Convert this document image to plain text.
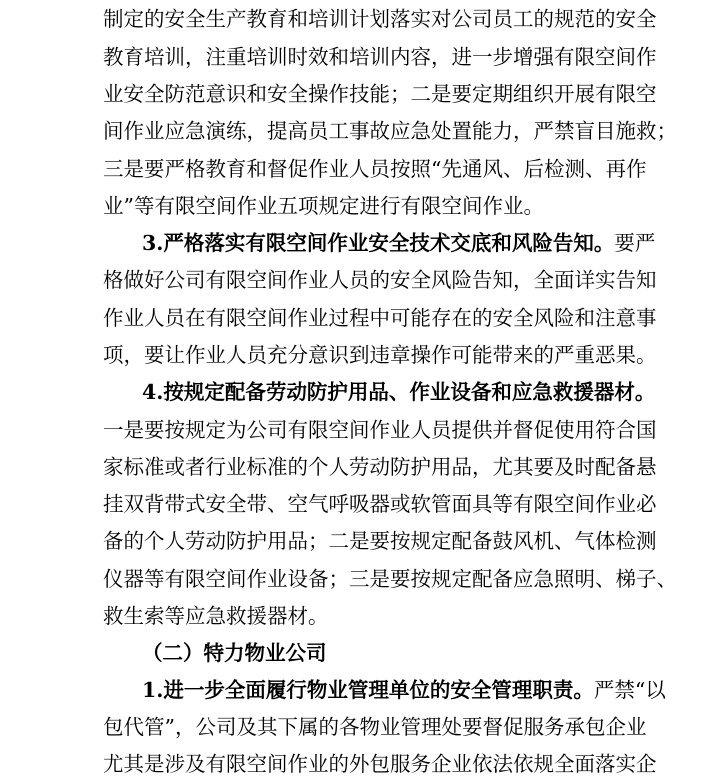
制定的安全生产教育和培训计划落实对公司员工的规范的安全
教育培训，注重培训时效和培训内容，进一步增强有限空间作
业安全防范意识和安全操作技能；二是要定期组织开展有限空
间作业应急演练，提高员工事故应急处置能力，严禁盲目施救；
三是要严格教育和督促作业人员按照“先通风、后检测、再作
业”等有限空间作业五项规定进行有限空间作业。
3.严格落实有限空间作业安全技术交底和风险告知。要严
格做好公司有限空间作业人员的安全风险告知，全面详实告知
作业人员在有限空间作业过程中可能存在的安全风险和注意事
项，要让作业人员充分意识到违章操作可能带来的严重恶果。
4.按规定配备劳动防护用品、作业设备和应急救援器材。
一是要按规定为公司有限空间作业人员提供并督促使用符合国
家标准或者行业标准的个人劳动防护用品，尤其要及时配备悬
挂双背带式安全带、空气呼吸器或软管面具等有限空间作业必
备的个人劳动防护用品；二是要按规定配备鼓风机、气体检测
仪器等有限空间作业设备；三是要按规定配备应急照明、梯子、
救生索等应急救援器材。
（二）特力物业公司
1.进一步全面履行物业管理单位的安全管理职责。严禁“以
包代管”，公司及其下属的各物业管理处要督促服务承包企业
尤其是涉及有限空间作业的外包服务企业依法依规全面落实企
